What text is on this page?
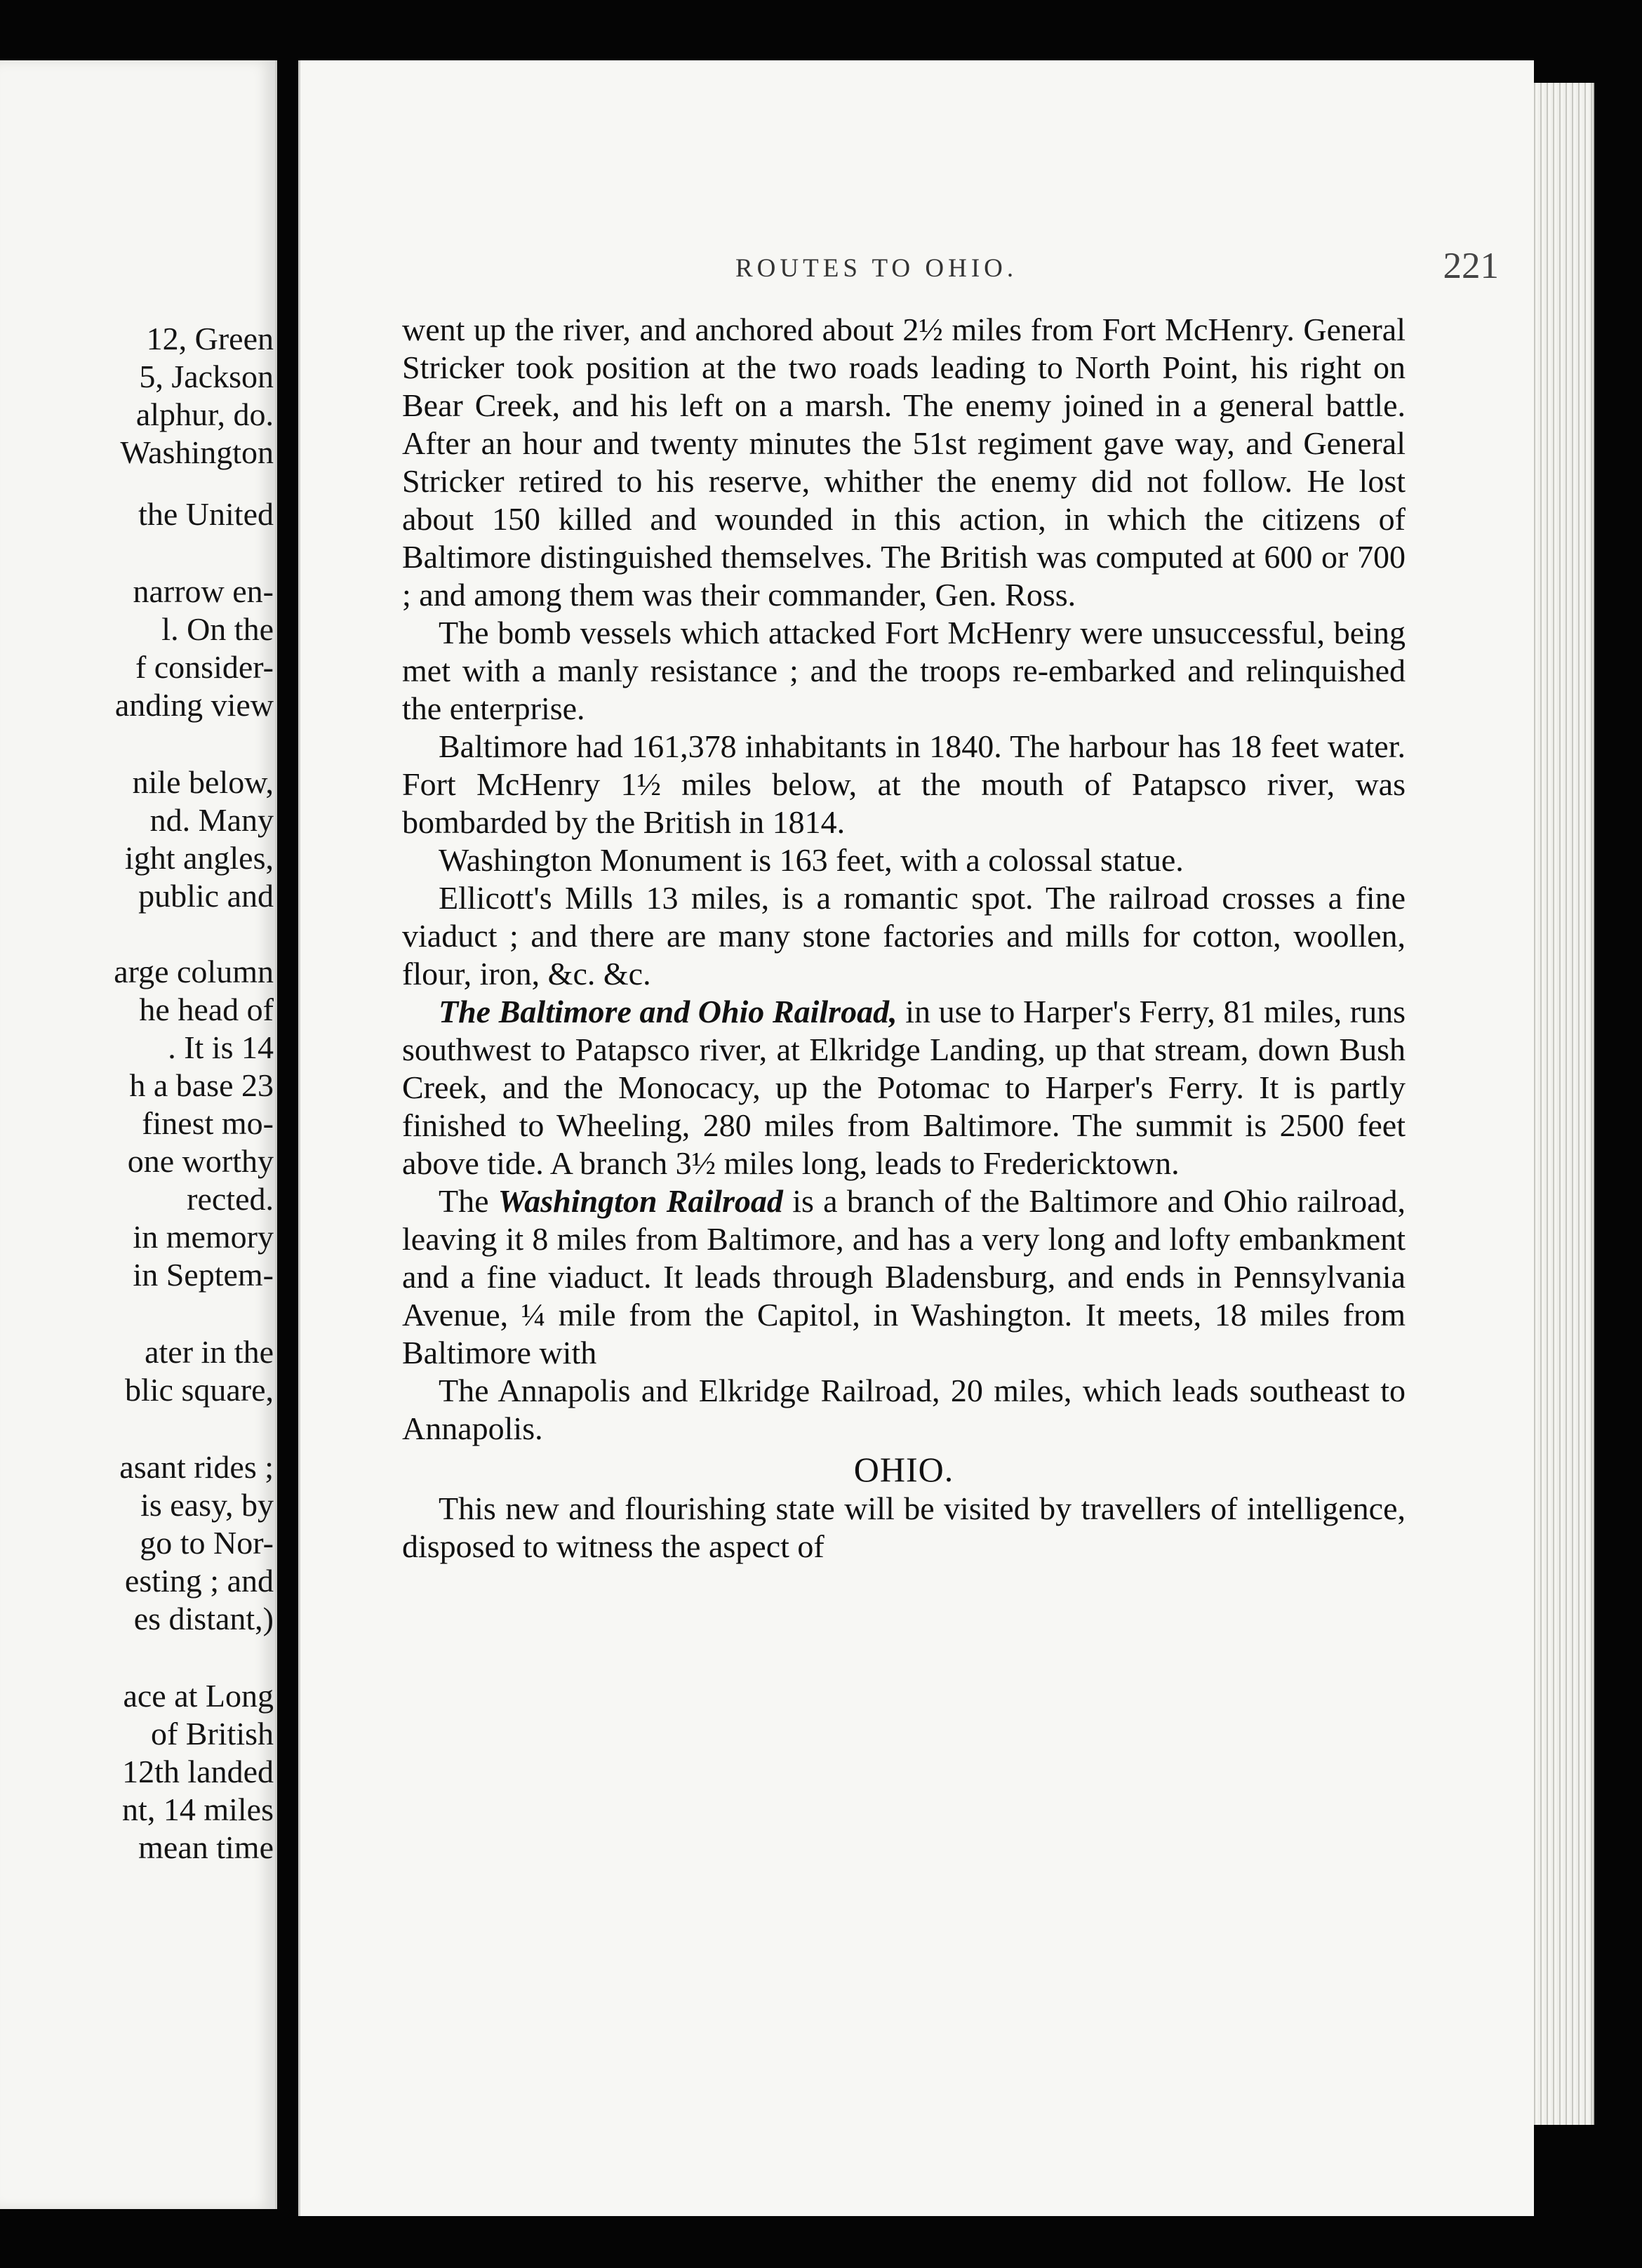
12, Green
5, Jackson
alphur, do.
Washington
the United
narrow en-
l. On the
f consider-
anding view
nile below,
nd. Many
ight angles,
public and
arge column
he head of
. It is 14
h a base 23
finest mo-
one worthy
rected.
in memory
in Septem-
ater in the
blic square,
asant rides ;
is easy, by
go to Nor-
esting ; and
es distant,)
ace at Long
of British
12th landed
nt, 14 miles
mean time
ROUTES TO OHIO.	221

went up the river, and anchored about 2½ miles from Fort McHenry. General Stricker took position at the two roads leading to North Point, his right on Bear Creek, and his left on a marsh. The enemy joined in a general battle. After an hour and twenty minutes the 51st regiment gave way, and General Stricker retired to his reserve, whither the enemy did not follow. He lost about 150 killed and wounded in this action, in which the citizens of Baltimore distinguished themselves. The British was computed at 600 or 700 ; and among them was their commander, Gen. Ross.

The bomb vessels which attacked Fort McHenry were unsuccessful, being met with a manly resistance ; and the troops re-embarked and relinquished the enterprise.

Baltimore had 161,378 inhabitants in 1840. The harbour has 18 feet water. Fort McHenry 1½ miles below, at the mouth of Patapsco river, was bombarded by the British in 1814.

Washington Monument is 163 feet, with a colossal statue.

Ellicott's Mills 13 miles, is a romantic spot. The railroad crosses a fine viaduct ; and there are many stone factories and mills for cotton, woollen, flour, iron, &c. &c.

The Baltimore and Ohio Railroad, in use to Harper's Ferry, 81 miles, runs southwest to Patapsco river, at Elkridge Landing, up that stream, down Bush Creek, and the Monocacy, up the Potomac to Harper's Ferry. It is partly finished to Wheeling, 280 miles from Baltimore. The summit is 2500 feet above tide. A branch 3½ miles long, leads to Fredericktown.

The Washington Railroad is a branch of the Baltimore and Ohio railroad, leaving it 8 miles from Baltimore, and has a very long and lofty embankment and a fine viaduct. It leads through Bladensburg, and ends in Pennsylvania Avenue, ¼ mile from the Capitol, in Washington. It meets, 18 miles from Baltimore with

The Annapolis and Elkridge Railroad, 20 miles, which leads southeast to Annapolis.

OHIO.

This new and flourishing state will be visited by travellers of intelligence, disposed to witness the aspect of
